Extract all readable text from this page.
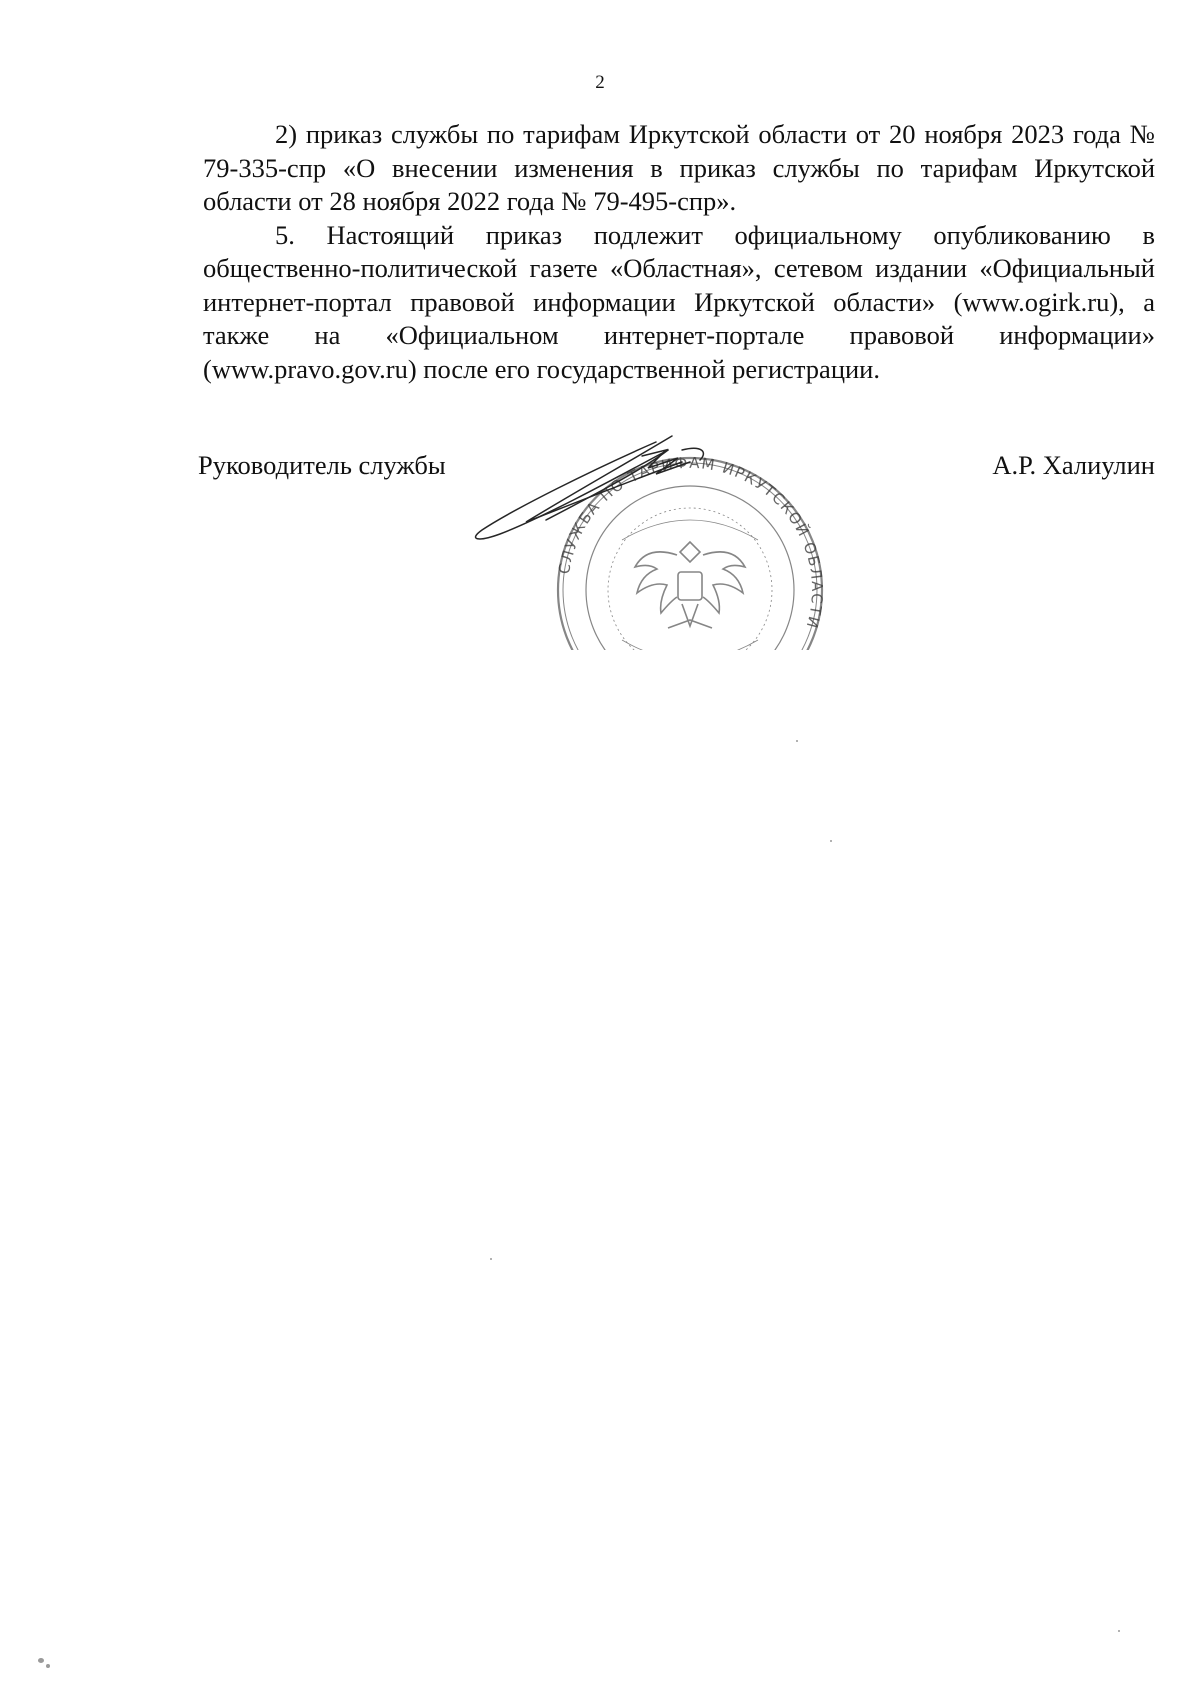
2

2) приказ службы по тарифам Иркутской области от 20 ноября 2023 года № 79-335-спр «О внесении изменения в приказ службы по тарифам Иркутской области от 28 ноября 2022 года № 79-495-спр».

5. Настоящий приказ подлежит официальному опубликованию в общественно-политической газете «Областная», сетевом издании «Официальный интернет-портал правовой информации Иркутской области» (www.ogirk.ru), а также на «Официальном интернет-портале правовой информации» (www.pravo.gov.ru) после его государственной регистрации.

Руководитель службы	А.Р. Халиулин
СЛУЖБА ПО ТАРИФАМ ИРКУТСКОЙ ОБЛАСТИ
